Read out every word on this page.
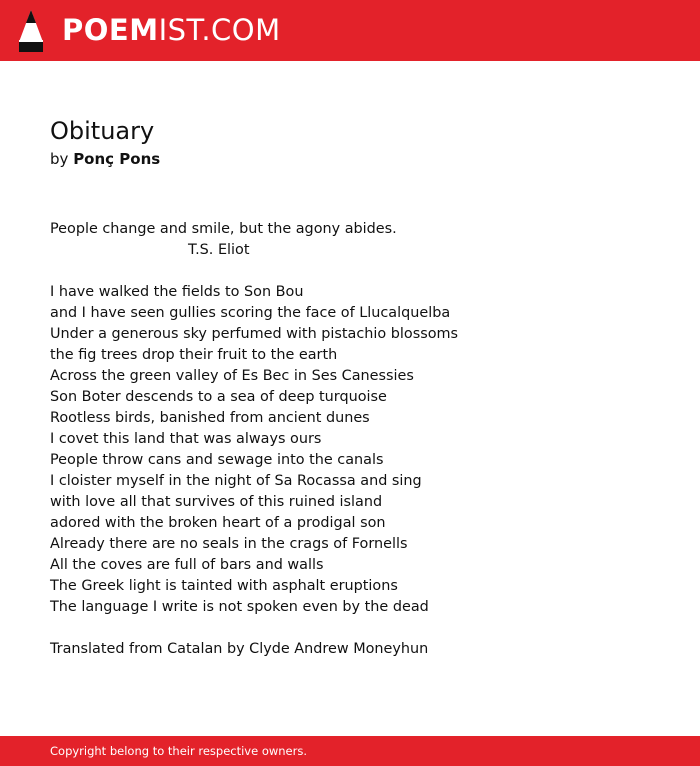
POEMIST.COM
Obituary
by Ponç Pons
People change and smile, but the agony abides.
T.S. Eliot
I have walked the fields to Son Bou
and I have seen gullies scoring the face of Llucalquelba
Under a generous sky perfumed with pistachio blossoms
the fig trees drop their fruit to the earth
Across the green valley of Es Bec in Ses Canessies
Son Boter descends to a sea of deep turquoise
Rootless birds, banished from ancient dunes
I covet this land that was always ours
People throw cans and sewage into the canals
I cloister myself in the night of Sa Rocassa and sing
with love all that survives of this ruined island
adored with the broken heart of a prodigal son
Already there are no seals in the crags of Fornells
All the coves are full of bars and walls
The Greek light is tainted with asphalt eruptions
The language I write is not spoken even by the dead
Translated from Catalan by Clyde Andrew Moneyhun
Copyright belong to their respective owners.
